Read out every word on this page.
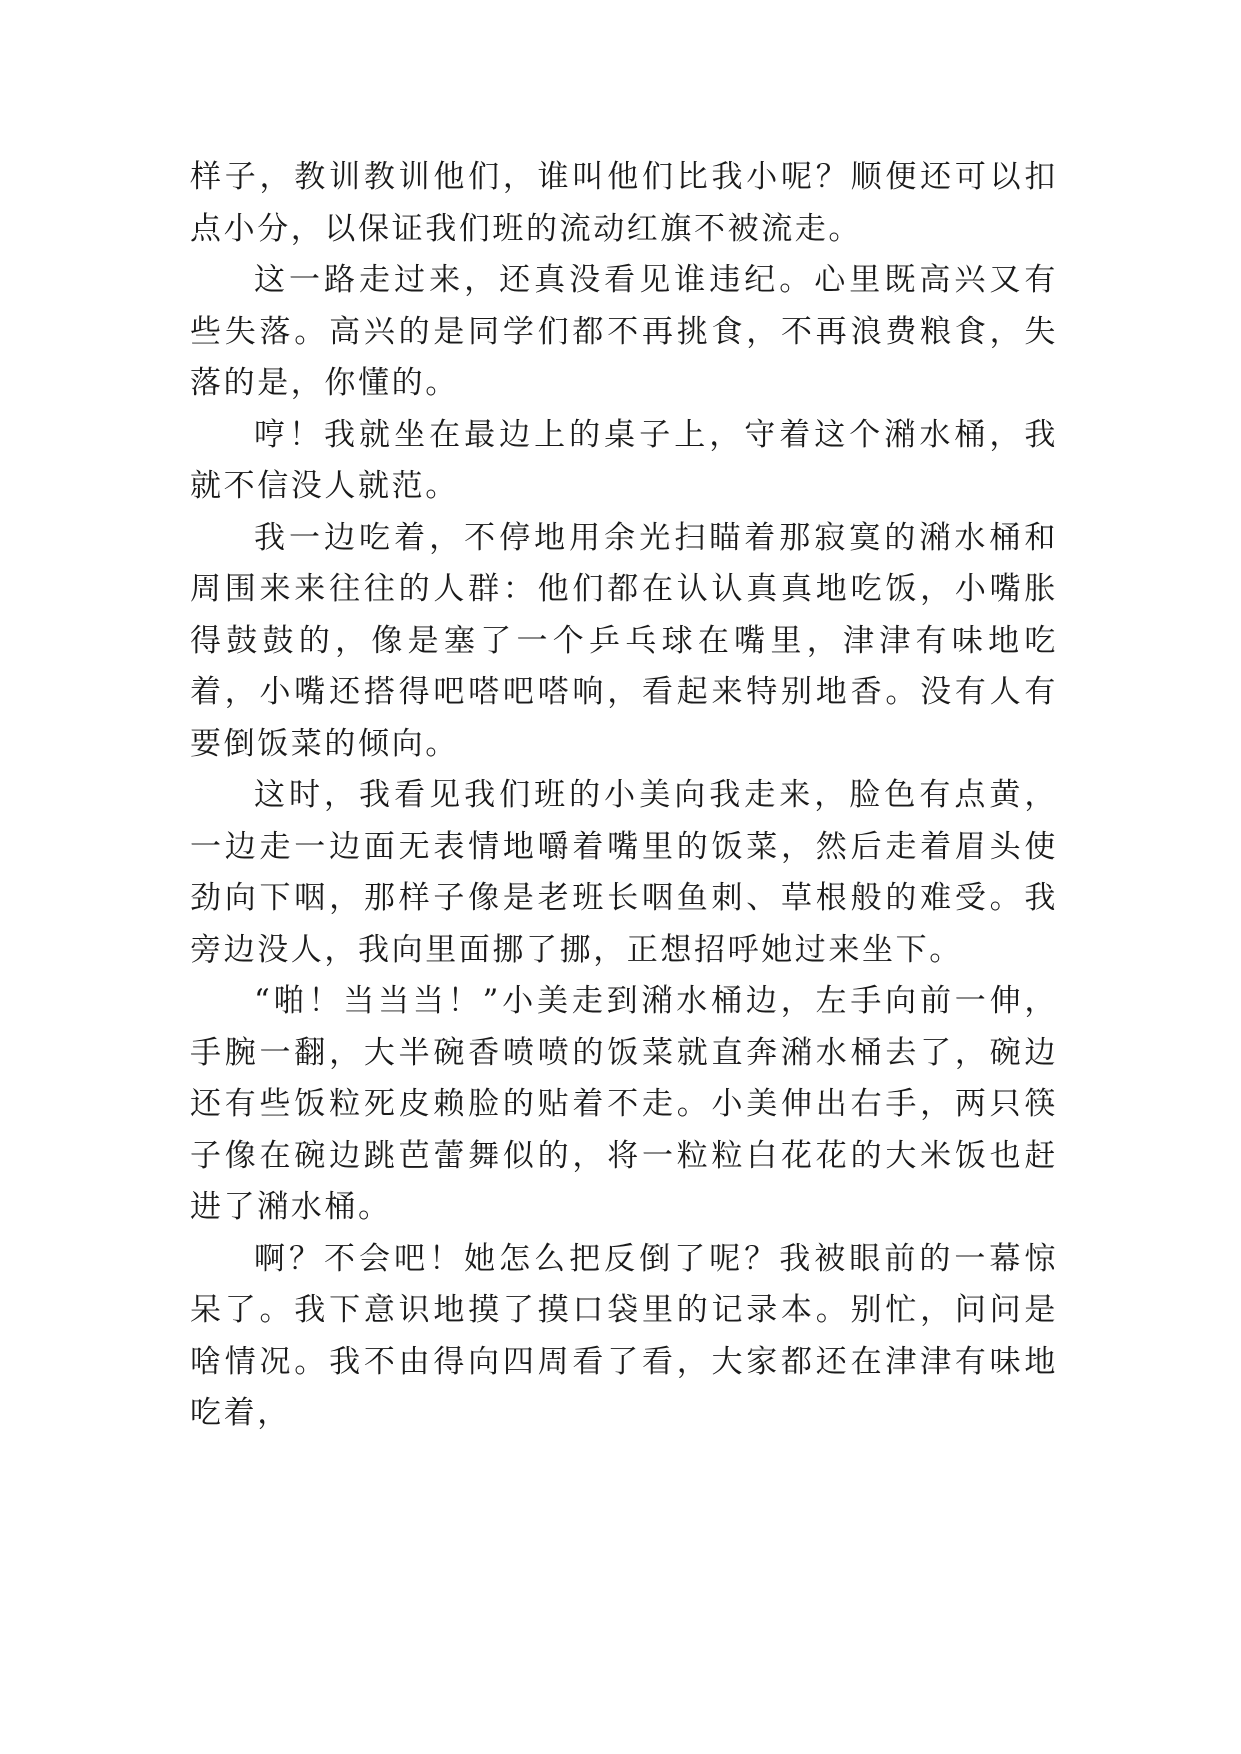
样子，教训教训他们，谁叫他们比我小呢？顺便还可以扣点小分，以保证我们班的流动红旗不被流走。

这一路走过来，还真没看见谁违纪。心里既高兴又有些失落。高兴的是同学们都不再挑食，不再浪费粮食，失落的是，你懂的。

哼！我就坐在最边上的桌子上，守着这个潲水桶，我就不信没人就范。

我一边吃着，不停地用余光扫瞄着那寂寞的潲水桶和周围来来往往的人群：他们都在认认真真地吃饭，小嘴胀得鼓鼓的，像是塞了一个乒乓球在嘴里，津津有味地吃着，小嘴还搭得吧嗒吧嗒响，看起来特别地香。没有人有要倒饭菜的倾向。

这时，我看见我们班的小美向我走来，脸色有点黄，一边走一边面无表情地嚼着嘴里的饭菜，然后走着眉头使劲向下咽，那样子像是老班长咽鱼刺、草根般的难受。我旁边没人，我向里面挪了挪，正想招呼她过来坐下。

“啪！当当当！”小美走到潲水桶边，左手向前一伸，手腕一翻，大半碗香喷喷的饭菜就直奔潲水桶去了，碗边还有些饭粒死皮赖脸的贴着不走。小美伸出右手，两只筷子像在碗边跳芭蕾舞似的，将一粒粒白花花的大米饭也赶进了潲水桶。

啊？不会吧！她怎么把反倒了呢？我被眼前的一幕惊呆了。我下意识地摸了摸口袋里的记录本。别忙，问问是啥情况。我不由得向四周看了看，大家都还在津津有味地吃着，
